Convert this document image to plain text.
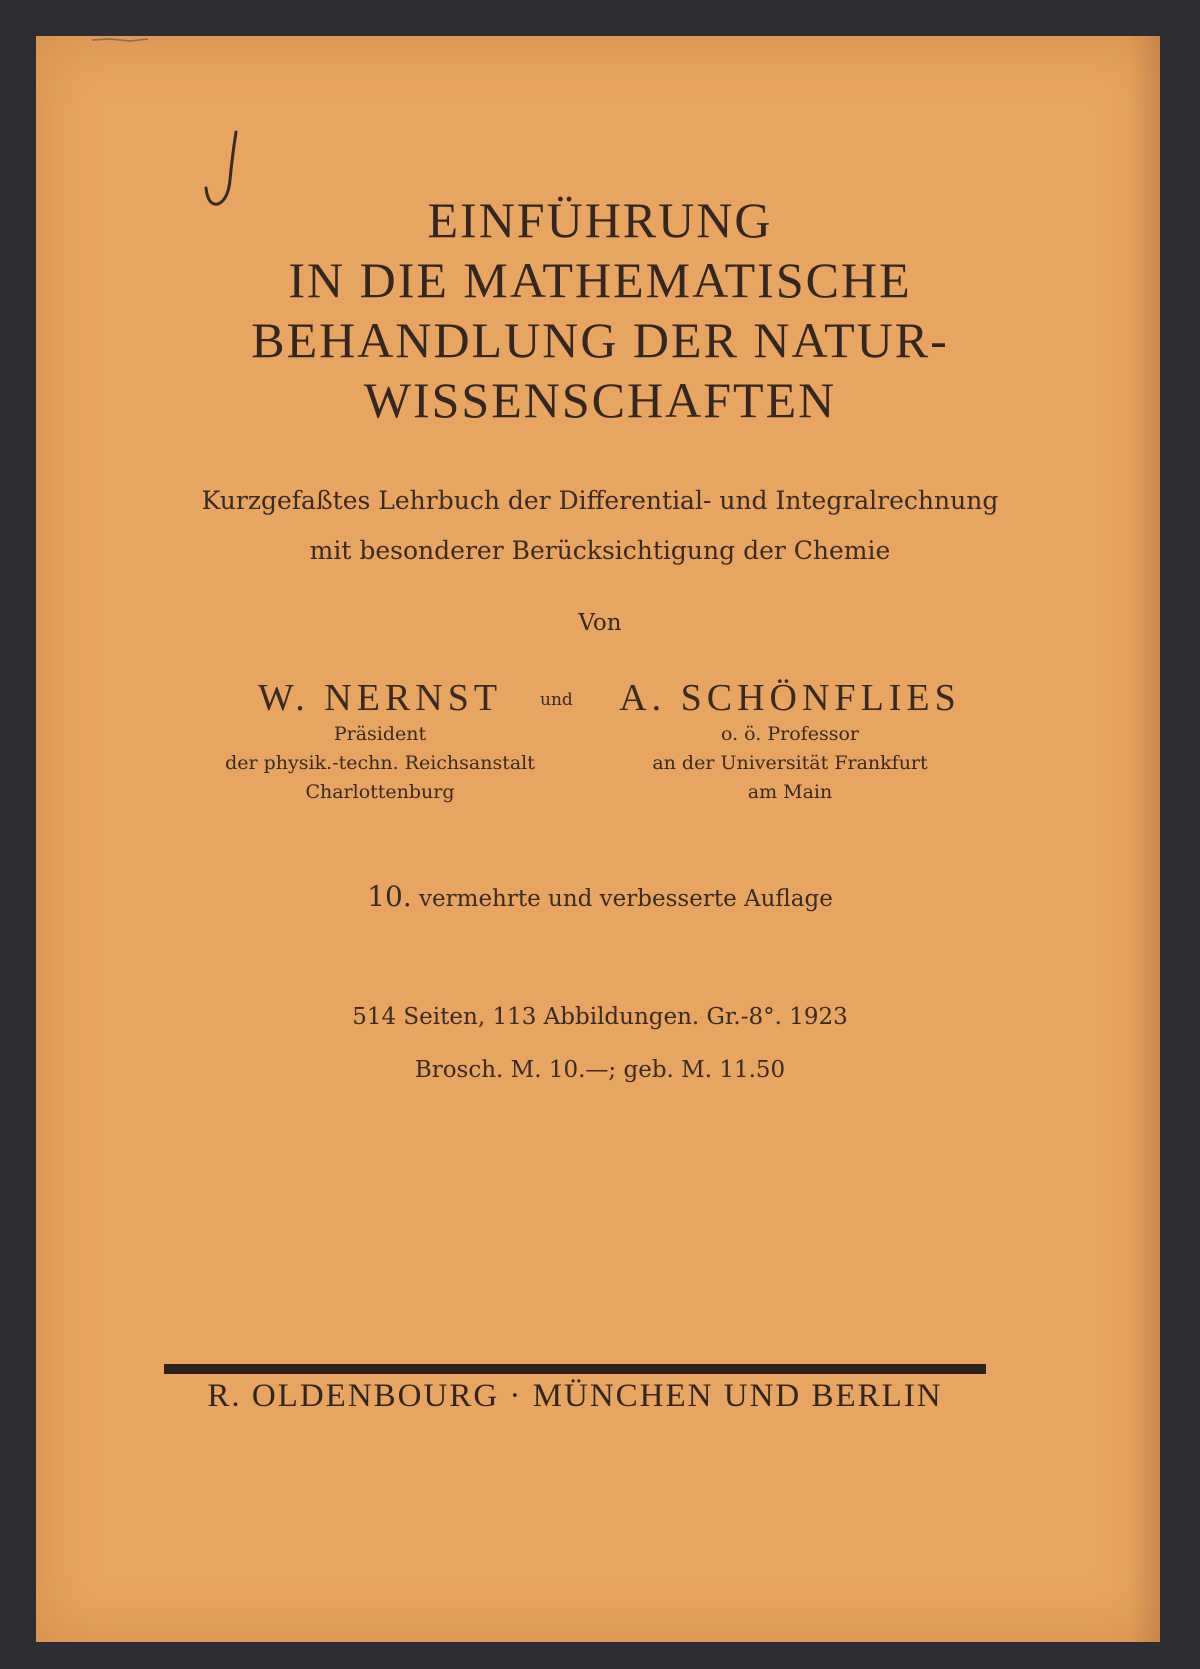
EINFÜHRUNG
IN DIE MATHEMATISCHE
BEHANDLUNG DER NATUR-
WISSENSCHAFTEN
Kurzgefaßtes Lehrbuch der Differential- und Integralrechnung
mit besonderer Berücksichtigung der Chemie
Von
W. NERNST
Präsident
der physik.-techn. Reichsanstalt
Charlottenburg
und	A. SCHÖNFLIES
o. ö. Professor
an der Universität Frankfurt
am Main
10. vermehrte und verbesserte Auflage
514 Seiten, 113 Abbildungen. Gr.-8°. 1923
Brosch. M. 10.—; geb. M. 11.50
R. OLDENBOURG · MÜNCHEN UND BERLIN
